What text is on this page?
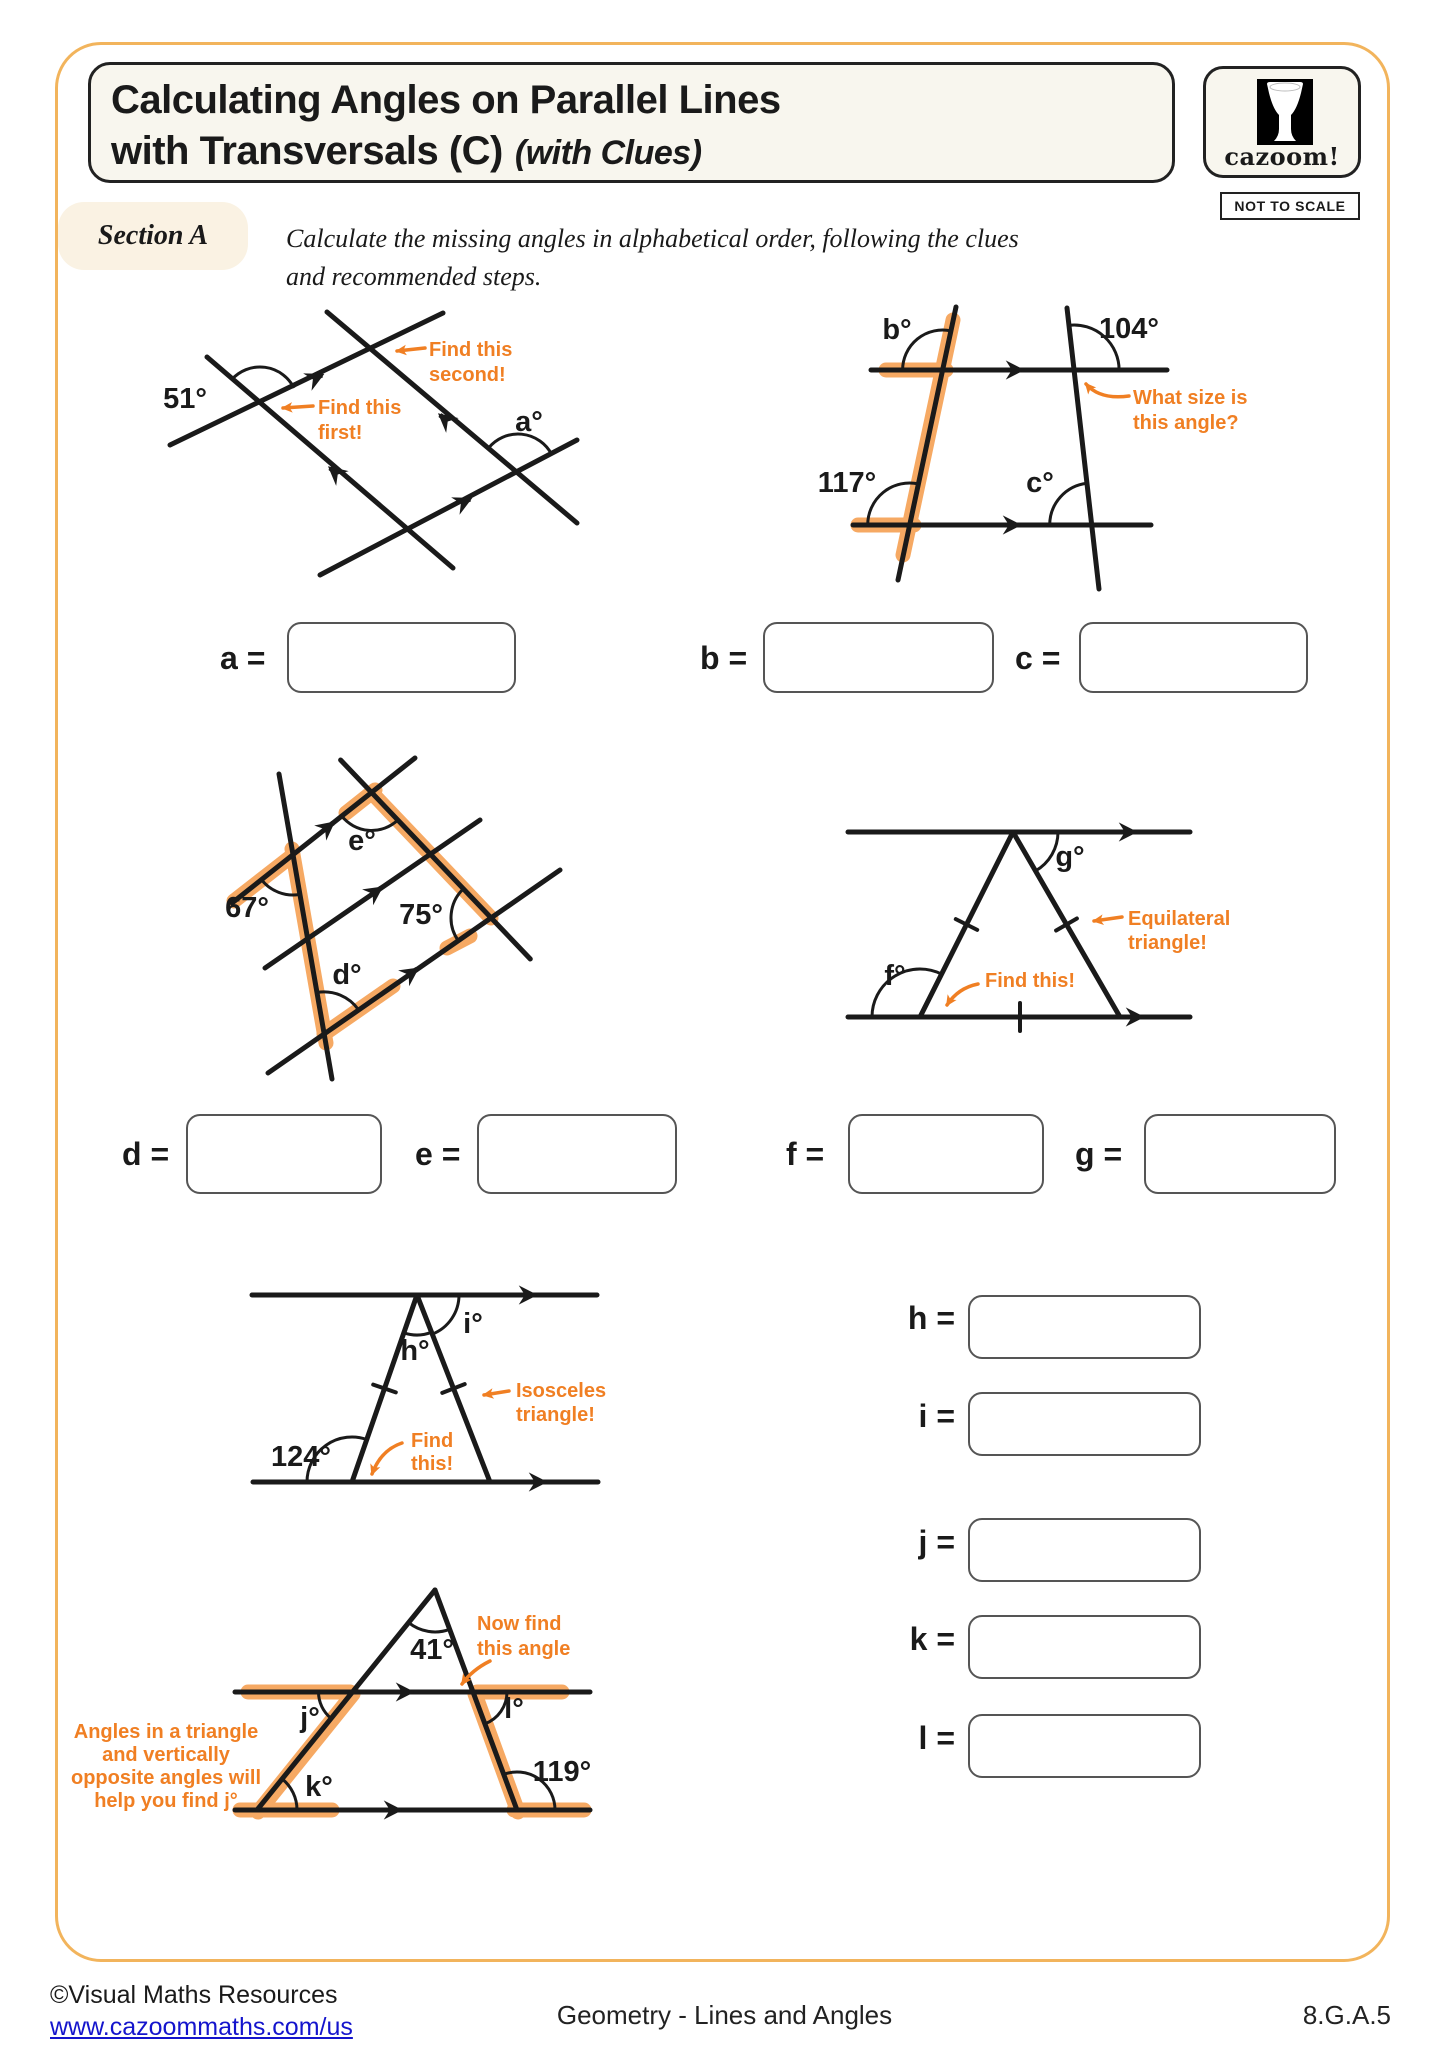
Calculating Angles on Parallel Lines
with Transversals (C) (with Clues)	cazoom!
NOT TO SCALE
Section A	Calculate the missing angles in alphabetical order, following the clues
and recommended steps.
51°
a°
Find this
second!
Find this
first!
b°	104°
117°	c°
What size is
this angle?
a =	b =	c =
67°
e°
75°
d°
g°
f°
Equilateral
triangle!
Find this!
d =	e =	f =	g =
h°
i°
124°
Isosceles
triangle!
Find
this!
41°
j°	l°
k°	119°
Now find
this angle
Angles in a triangle
and vertically
opposite angles will
help you find j°
h =
i =
j =
k =
l =
©Visual Maths Resources
www.cazoommaths.com/us	Geometry - Lines and Angles	8.G.A.5
